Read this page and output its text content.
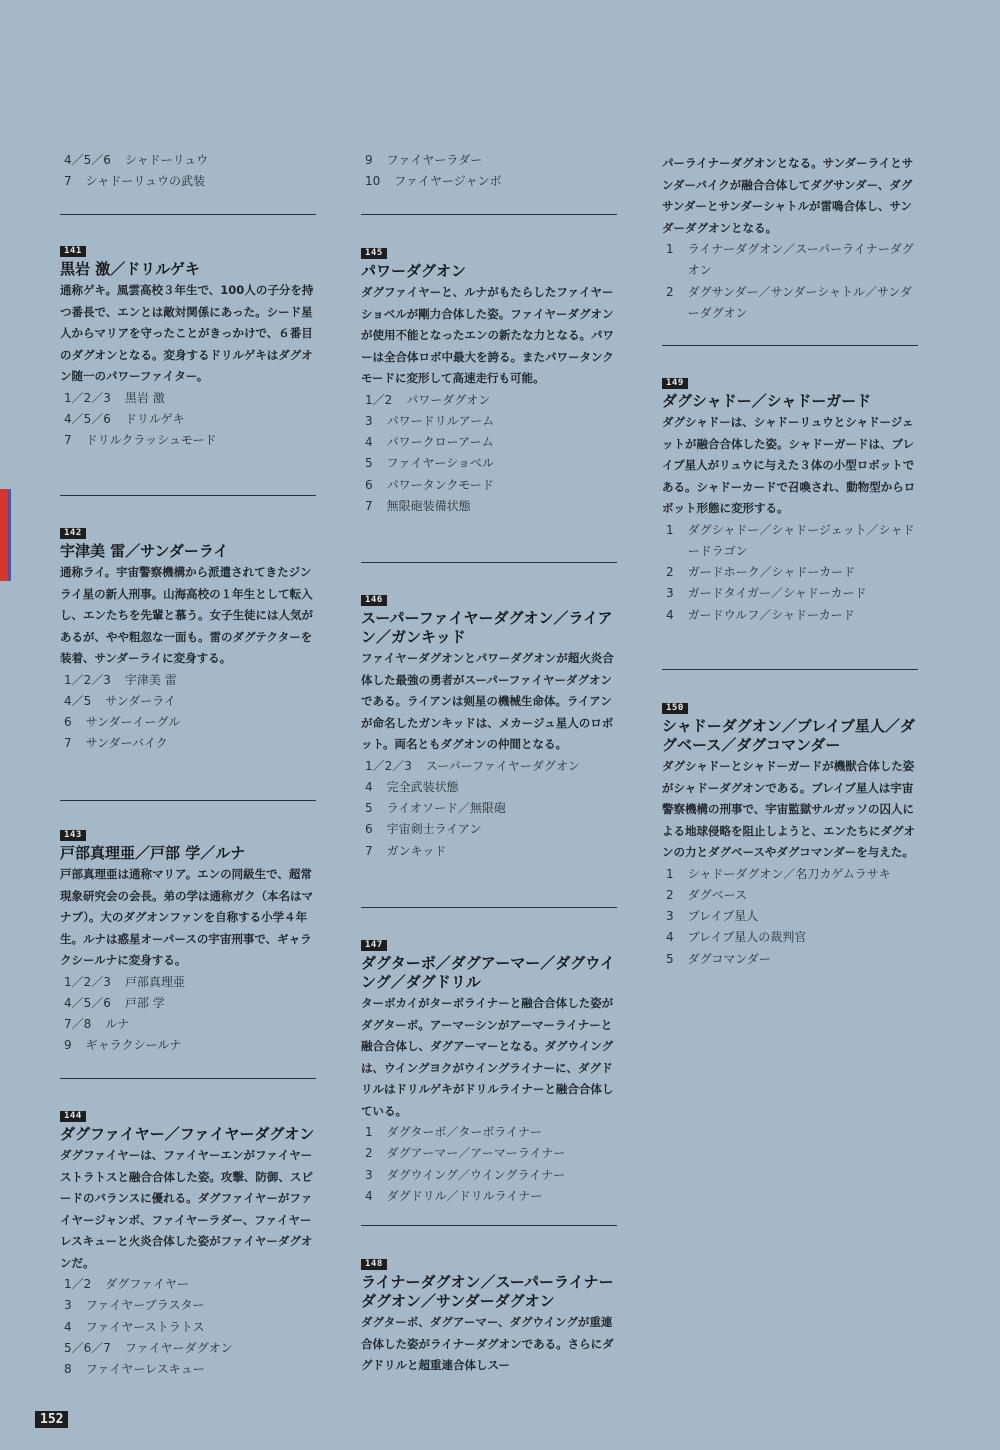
4／5／6 シャドーリュウ
7 シャドーリュウの武装
141
黒岩 激／ドリルゲキ
通称ゲキ。風雲高校３年生で、100人の子分を持つ番長で、エンとは敵対関係にあった。シード星人からマリアを守ったことがきっかけで、６番目のダグオンとなる。変身するドリルゲキはダグオン随一のパワーファイター。
1／2／3 黒岩 激
4／5／6 ドリルゲキ
7 ドリルクラッシュモード
142
宇津美 雷／サンダーライ
通称ライ。宇宙警察機構から派遣されてきたジンライ星の新人刑事。山海高校の１年生として転入し、エンたちを先輩と慕う。女子生徒には人気があるが、やや粗忽な一面も。雷のダグテクターを装着、サンダーライに変身する。
1／2／3 宇津美 雷
4／5 サンダーライ
6 サンダーイーグル
7 サンダーバイク
143
戸部真理亜／戸部 学／ルナ
戸部真理亜は通称マリア。エンの同級生で、超常現象研究会の会長。弟の学は通称ガク（本名はマナブ）。大のダグオンファンを自称する小学４年生。ルナは惑星オーパースの宇宙刑事で、ギャラクシールナに変身する。
1／2／3 戸部真理亜
4／5／6 戸部 学
7／8 ルナ
9 ギャラクシールナ
144
ダグファイヤー／ファイヤーダグオン
ダグファイヤーは、ファイヤーエンがファイヤーストラトスと融合合体した姿。攻撃、防御、スピードのバランスに優れる。ダグファイヤーがファイヤージャンボ、ファイヤーラダー、ファイヤーレスキューと火炎合体した姿がファイヤーダグオンだ。
1／2 ダグファイヤー
3 ファイヤーブラスター
4 ファイヤーストラトス
5／6／7 ファイヤーダグオン
8 ファイヤーレスキュー
9 ファイヤーラダー
10 ファイヤージャンボ
145
パワーダグオン
ダグファイヤーと、ルナがもたらしたファイヤーショベルが剛力合体した姿。ファイヤーダグオンが使用不能となったエンの新たな力となる。パワーは全合体ロボ中最大を誇る。またパワータンクモードに変形して高速走行も可能。
1／2 パワーダグオン
3 パワードリルアーム
4 パワークローアーム
5 ファイヤーショベル
6 パワータンクモード
7 無限砲装備状態
146
スーパーファイヤーダグオン／ライアン／ガンキッド
ファイヤーダグオンとパワーダグオンが超火炎合体した最強の勇者がスーパーファイヤーダグオンである。ライアンは剣星の機械生命体。ライアンが命名したガンキッドは、メカージュ星人のロボット。両名ともダグオンの仲間となる。
1／2／3 スーパーファイヤーダグオン
4 完全武装状態
5 ライオソード／無限砲
6 宇宙剣士ライアン
7 ガンキッド
147
ダグターボ／ダグアーマー／ダグウイング／ダグドリル
ターボカイがターボライナーと融合合体した姿がダグターボ。アーマーシンがアーマーライナーと融合合体し、ダグアーマーとなる。ダグウイングは、ウイングヨクがウイングライナーに、ダグドリルはドリルゲキがドリルライナーと融合合体している。
1 ダグターボ／ターボライナー
2 ダグアーマー／アーマーライナー
3 ダグウイング／ウイングライナー
4 ダグドリル／ドリルライナー
148
ライナーダグオン／スーパーライナーダグオン／サンダーダグオン
ダグターボ、ダグアーマー、ダグウイングが重連合体した姿がライナーダグオンである。さらにダグドリルと超重連合体しスー
パーライナーダグオンとなる。サンダーライとサンダーバイクが融合合体してダグサンダー、ダグサンダーとサンダーシャトルが雷鳴合体し、サンダーダグオンとなる。
1 ライナーダグオン／スーパーライナーダグオン
2 ダグサンダー／サンダーシャトル／サンダーダグオン
149
ダグシャドー／シャドーガード
ダグシャドーは、シャドーリュウとシャドージェットが融合合体した姿。シャドーガードは、ブレイブ星人がリュウに与えた３体の小型ロボットである。シャドーカードで召喚され、動物型からロボット形態に変形する。
1 ダグシャドー／シャドージェット／シャドードラゴン
2 ガードホーク／シャドーカード
3 ガードタイガー／シャドーカード
4 ガードウルフ／シャドーカード
150
シャドーダグオン／ブレイブ星人／ダグベース／ダグコマンダー
ダグシャドーとシャドーガードが機獣合体した姿がシャドーダグオンである。ブレイブ星人は宇宙警察機構の刑事で、宇宙監獄サルガッソの囚人による地球侵略を阻止しようと、エンたちにダグオンの力とダグベースやダグコマンダーを与えた。
1 シャドーダグオン／名刀カゲムラサキ
2 ダグベース
3 ブレイブ星人
4 ブレイブ星人の裁判官
5 ダグコマンダー
152
